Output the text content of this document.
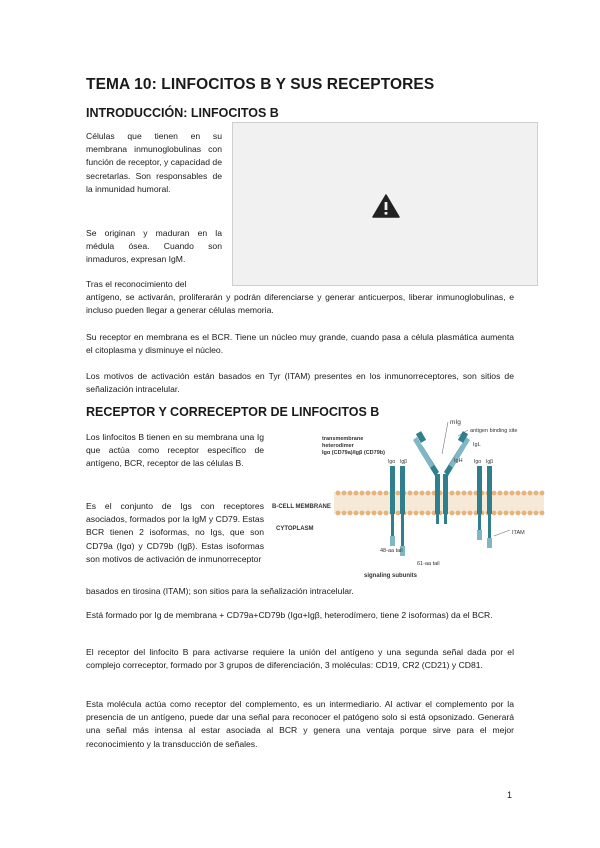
TEMA 10: LINFOCITOS B Y SUS RECEPTORES
INTRODUCCIÓN: LINFOCITOS B

Células que tienen en su membrana inmunoglobulinas con función de receptor, y capacidad de secretarlas. Son responsables de la inmunidad humoral.

Se originan y maduran en la médula ósea. Cuando son inmaduros, expresan IgM.

Tras el reconocimiento del

antígeno, se activarán, proliferarán y podrán diferenciarse y generar anticuerpos, liberar inmunoglobulinas, e incluso pueden llegar a generar células memoria.

Su receptor en membrana es el BCR. Tiene un núcleo muy grande, cuando pasa a célula plasmática aumenta el citoplasma y disminuye el núcleo.

Los motivos de activación están basados en Tyr (ITAM) presentes en los inmunorreceptores, son sitios de señalización intracelular.

RECEPTOR Y CORRECEPTOR DE LINFOCITOS B

Los linfocitos B tienen en su membrana una Ig que actúa como receptor específico de antígeno, BCR, receptor de las células B.

Es el conjunto de Igs con receptores asociados, formados por la IgM y CD79. Estas BCR tienen 2 isoformas, no Igs, que son CD79a (Igα) y CD79b (Igβ). Estas isoformas son motivos de activación de inmunorreceptor

basados en tirosina (ITAM); son sitios para la señalización intracelular.

Está formado por Ig de membrana + CD79a+CD79b (Igα+Igβ, heterodímero, tiene 2 isoformas) da el BCR.

El receptor del linfocito B para activarse requiere la unión del antígeno y una segunda señal dada por el complejo correceptor, formado por 3 grupos de diferenciación, 3 moléculas: CD19, CR2 (CD21) y CD81.

Esta molécula actúa como receptor del complemento, es un intermediario. Al activar el complemento por la presencia de un antígeno, puede dar una señal para reconocer el patógeno solo si está opsonizado. Generará una señal más intensa al estar asociada al BCR y genera una ventaja porque sirve para el mejor reconocimiento y la transducción de señales.

mIg
antigen binding site
transmembrane
heterodimer
Igα (CD79a)/Igβ (CD79b)
IgL
IgH
Igα Igβ	Igα Igβ
B-CELL MEMBRANE
CYTOPLASM
ITAM
48-aa tail
61-aa tail
signaling subunits
1
